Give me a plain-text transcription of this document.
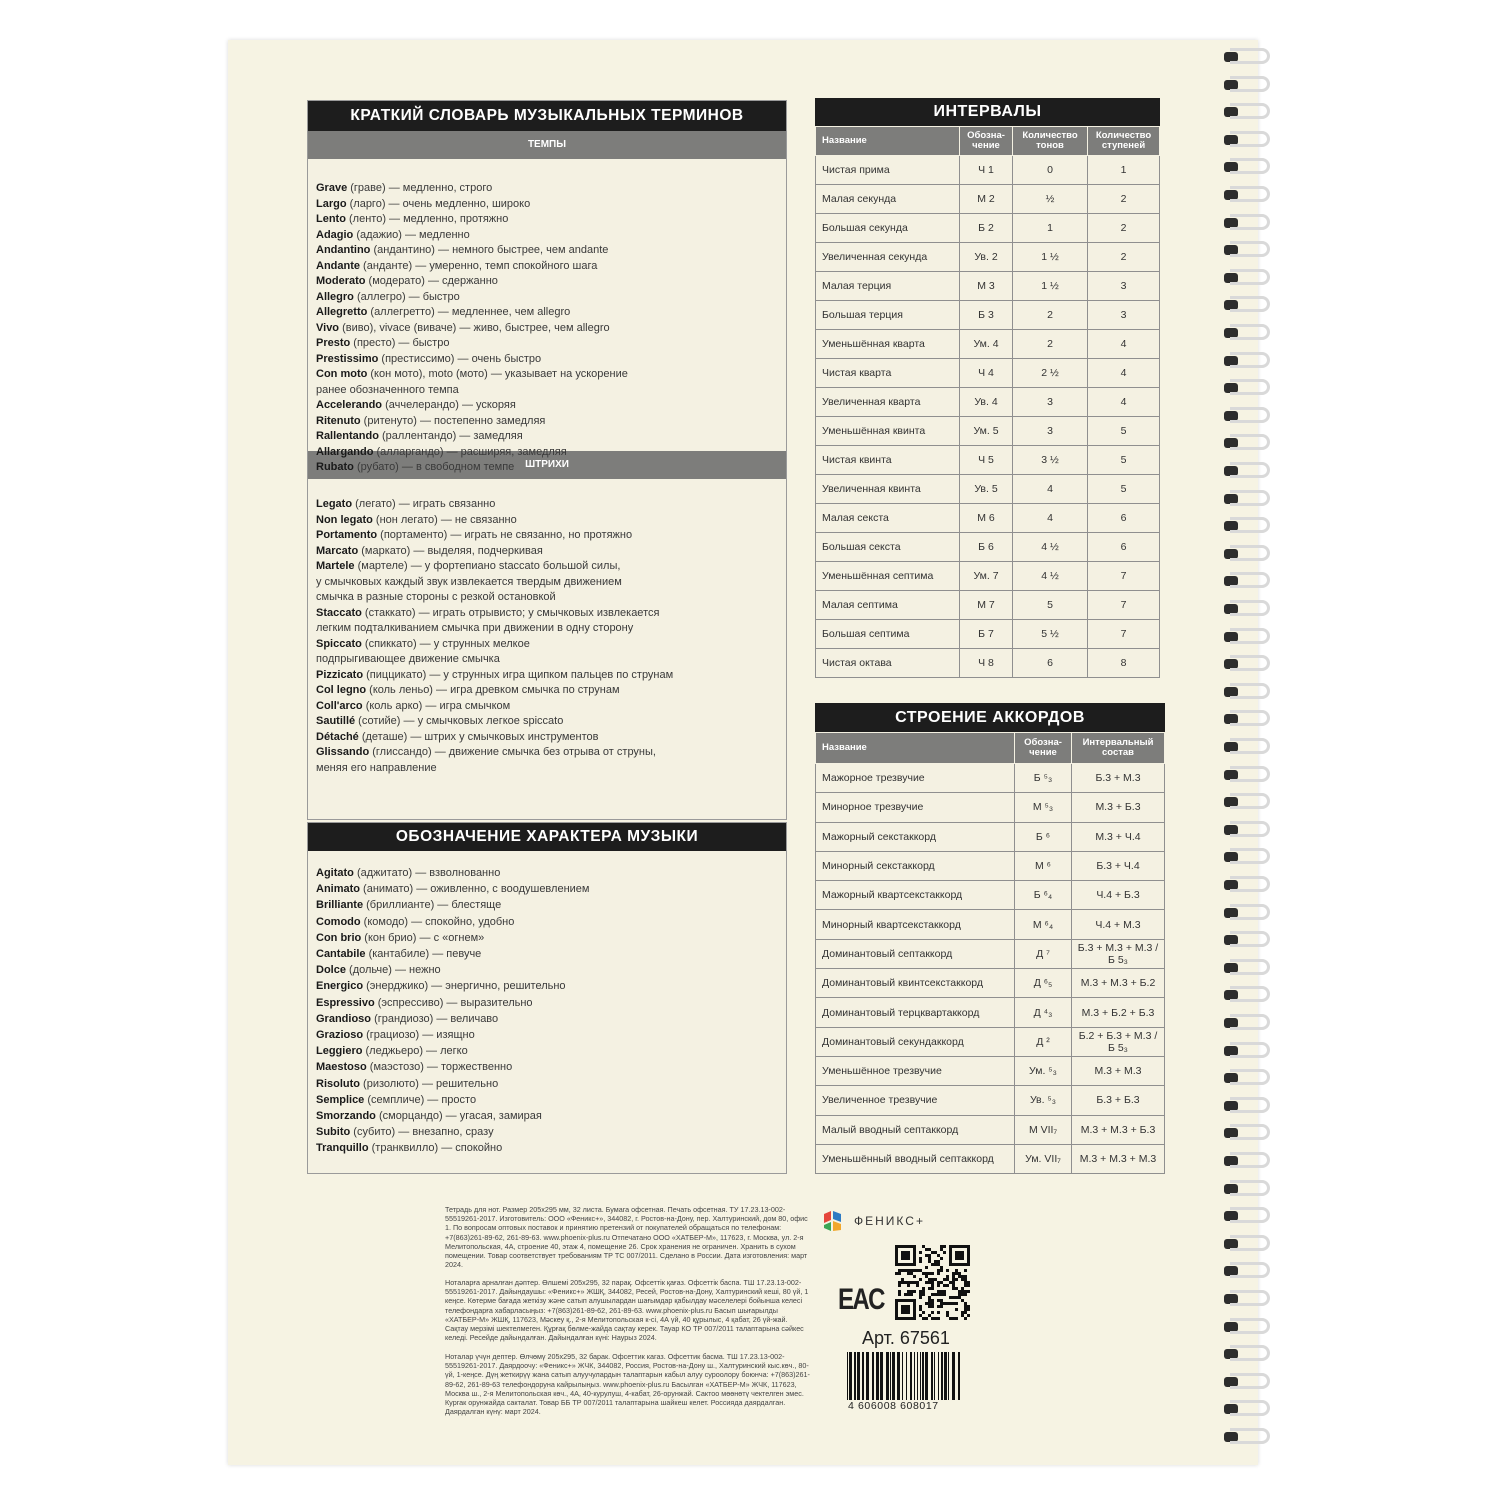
КРАТКИЙ СЛОВАРЬ МУЗЫКАЛЬНЫХ ТЕРМИНОВ
ТЕМПЫ
Grave (граве) — медленно, строго
Largo (ларго) — очень медленно, широко
Lento (ленто) — медленно, протяжно
Adagio (адажио) — медленно
Andantino (андантино) — немного быстрее, чем andante
Andante (анданте) — умеренно, темп спокойного шага
Moderato (модерато) — сдержанно
Allegro (аллегро) — быстро
Allegretto (аллегретто) — медленнее, чем allegro
Vivo (виво), vivace (виваче) — живо, быстрее, чем allegro
Presto (престо) — быстро
Prestissimo (престиссимо) — очень быстро
Con moto (кон мото), moto (мото) — указывает на ускорение
ранее обозначенного темпа
Accelerando (аччелерандо) — ускоряя
Ritenuto (ритенуто) — постепенно замедляя
Rallentando (раллентандо) — замедляя
Allargando (алларгандо) — расширяя, замедляя
Rubato (рубато) — в свободном темпе	ШТРИХИ
Legato (легато) — играть связанно
Non legato (нон легато) — не связанно
Portamento (портаменто) — играть не связанно, но протяжно
Marcato (маркато) — выделяя, подчеркивая
Martele (мартеле) — у фортепиано staccato большой силы,
у смычковых каждый звук извлекается твердым движением
смычка в разные стороны с резкой остановкой
Staccato (стаккато) — играть отрывисто; у смычковых извлекается
легким подталкиванием смычка при движении в одну сторону
Spiccato (спиккато) — у струнных мелкое
подпрыгивающее движение смычка
Pizzicato (пиццикато) — у струнных игра щипком пальцев по струнам
Col legno (коль леньо) — игра древком смычка по струнам
Coll'arco (коль арко) — игра смычком
Sautillé (сотийе) — у смычковых легкое spiccato
Détaché (деташе) — штрих у смычковых инструментов
Glissando (глиссандо) — движение смычка без отрыва от струны,
меняя его направление
ОБОЗНАЧЕНИЕ ХАРАКТЕРА МУЗЫКИ
Agitato (аджитато) — взволнованно
Animato (анимато) — оживленно, с воодушевлением
Brilliante (бриллианте) — блестяще
Comodo (комодо) — спокойно, удобно
Con brio (кон брио) — с «огнем»
Cantabile (кантабиле) — певуче
Dolce (дольче) — нежно
Energico (энерджико) — энергично, решительно
Espressivo (эспрессиво) — выразительно
Grandioso (грандиозо) — величаво
Grazioso (грациозо) — изящно
Leggiero (леджьеро) — легко
Maestoso (маэстозо) — торжественно
Risoluto (ризолюто) — решительно
Semplice (семпличе) — просто
Smorzando (сморцандо) — угасая, замирая
Subito (субито) — внезапно, сразу
Tranquillo (транквилло) — спокойно
ИНТЕРВАЛЫ
Название	Обозна-чение	Количество тонов	Количество ступеней
Чистая прима	Ч 1	0	1
Малая секунда	М 2	½	2
Большая секунда	Б 2	1	2
Увеличенная секунда	Ув. 2	1 ½	2
Малая терция	М 3	1 ½	3
Большая терция	Б 3	2	3
Уменьшённая кварта	Ум. 4	2	4
Чистая кварта	Ч 4	2 ½	4
Увеличенная кварта	Ув. 4	3	4
Уменьшённая квинта	Ум. 5	3	5
Чистая квинта	Ч 5	3 ½	5
Увеличенная квинта	Ув. 5	4	5
Малая секста	М 6	4	6
Большая секста	Б 6	4 ½	6
Уменьшённая септима	Ум. 7	4 ½	7
Малая септима	М 7	5	7
Большая септима	Б 7	5 ½	7
Чистая октава	Ч 8	6	8
СТРОЕНИЕ АККОРДОВ
Название	Обозна-чение	Интервальный состав
Мажорное трезвучие	Б ⁵₃	Б.3 + М.3
Минорное трезвучие	М ⁵₃	М.3 + Б.3
Мажорный секстаккорд	Б ⁶	М.3 + Ч.4
Минорный секстаккорд	М ⁶	Б.3 + Ч.4
Мажорный квартсекстаккорд	Б ⁶₄	Ч.4 + Б.3
Минорный квартсекстаккорд	М ⁶₄	Ч.4 + М.3
Доминантовый септаккорд	Д ⁷	Б.3 + М.3 + М.3 / Б 5₃
Доминантовый квинтсекстаккорд	Д ⁶₅	М.3 + М.3 + Б.2
Доминантовый терцквартаккорд	Д ⁴₃	М.3 + Б.2 + Б.3
Доминантовый секундаккорд	Д ²	Б.2 + Б.3 + М.3 / Б 5₃
Уменьшённое трезвучие	Ум. ⁵₃	М.3 + М.3
Увеличенное трезвучие	Ув. ⁵₃	Б.3 + Б.3
Малый вводный септаккорд	М VII₇	М.3 + М.3 + Б.3
Уменьшённый вводный септаккорд	Ум. VII₇	М.3 + М.3 + М.3
Тетрадь для нот. Размер 205х295 мм, 32 листа. Бумага офсетная. Печать офсетная. ТУ 17.23.13-002-55519261-2017. Изготовитель: ООО «Феникс+», 344082, г. Ростов-на-Дону, пер. Халтуринский, дом 80, офис 1. По вопросам оптовых поставок и принятию претензий от покупателей обращаться по телефонам: +7(863)261-89-62, 261-89-63. www.phoenix-plus.ru Отпечатано ООО «ХАТБЕР-М», 117623, г. Москва, ул. 2-я Мелитопольская, 4А, строение 40, этаж 4, помещение 26. Срок хранения не ограничен. Хранить в сухом помещении. Товар соответствует требованиям ТР ТС 007/2011. Сделано в России. Дата изготовления: март 2024.
Ноталарға арналған дәптер. Өлшемі 205х295, 32 парақ. Офсеттік қағаз. Офсеттік баспа. ТШ 17.23.13-002-55519261-2017. Дайындаушы: «Феникс+» ЖШҚ, 344082, Ресей, Ростов-на-Дону, Халтуринский кеші, 80 үй, 1 кеңсе. Көтерме бағада жеткізу және сатып алушылардан шағымдар қабылдау мәселелері бойынша келесі телефондарға хабарласыңыз: +7(863)261-89-62, 261-89-63. www.phoenix-plus.ru Басып шығарылды «ХАТБЕР-М» ЖШҚ, 117623, Мәскеу қ., 2-я Мелитопольская к-сі, 4А үй, 40 құрылыс, 4 қабат, 26 үй-жай. Сақтау мерзімі шектелмеген. Құрғақ бөлме-жайда сақтау керек. Тауар КО ТР 007/2011 талаптарына сәйкес келеді. Ресейде дайындалған. Дайындалған күні: Наурыз 2024.
Ноталар үчүн дептер. Өлчөмү 205х295, 32 барак. Офсеттик кагаз. Офсеттик басма. ТШ 17.23.13-002-55519261-2017. Даярдоочу: «Феникс+» ЖЧК, 344082, Россия, Ростов-на-Дону ш., Халтуринский кыс.көч., 80-үй, 1-кеңсе. Дүң жеткирүү жана сатып алуучулардын талаптарын кабыл алуу суроолору боюнча: +7(863)261-89-62, 261-89-63 телефондоруна кайрылыңыз. www.phoenix-plus.ru Басылган «ХАТБЕР-М» ЖЧК, 117623, Москва ш., 2-я Мелитопольская көч., 4А, 40-курулуш, 4-кабат, 26-орунжай. Сактоо мөөнөтү чектелген эмес. Кургак орунжайда сакталат. Товар ББ ТР 007/2011 талаптарына шайкеш келет. Россияда даярдалган. Даярдалган күнү: март 2024.
ФЕНИКС+
EAC
Арт. 67561
4 606008 608017
